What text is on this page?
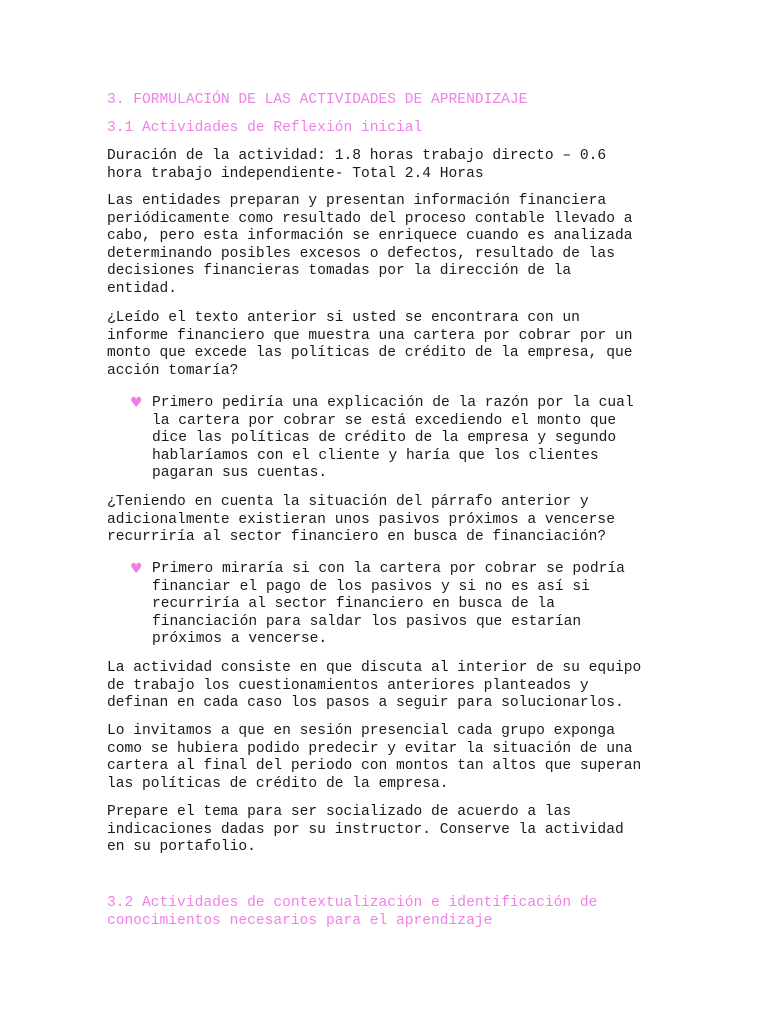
3. FORMULACIÓN DE LAS ACTIVIDADES DE APRENDIZAJE
3.1 Actividades de Reflexión inicial
Duración de la actividad: 1.8 horas trabajo directo – 0.6
hora trabajo independiente- Total 2.4 Horas
Las entidades preparan y presentan información financiera
periódicamente como resultado del proceso contable llevado a
cabo, pero esta información se enriquece cuando es analizada
determinando posibles excesos o defectos, resultado de las
decisiones financieras tomadas por la dirección de la
entidad.
¿Leído el texto anterior si usted se encontrara con un
informe financiero que muestra una cartera por cobrar por un
monto que excede las políticas de crédito de la empresa, que
acción tomaría?
♥ Primero pediría una explicación de la razón por la cual
la cartera por cobrar se está excediendo el monto que
dice las políticas de crédito de la empresa y segundo
hablaríamos con el cliente y haría que los clientes
pagaran sus cuentas.
¿Teniendo en cuenta la situación del párrafo anterior y
adicionalmente existieran unos pasivos próximos a vencerse
recurriría al sector financiero en busca de financiación?
♥ Primero miraría si con la cartera por cobrar se podría
financiar el pago de los pasivos y si no es así si
recurriría al sector financiero en busca de la
financiación para saldar los pasivos que estarían
próximos a vencerse.
La actividad consiste en que discuta al interior de su equipo
de trabajo los cuestionamientos anteriores planteados y
definan en cada caso los pasos a seguir para solucionarlos.
Lo invitamos a que en sesión presencial cada grupo exponga
como se hubiera podido predecir y evitar la situación de una
cartera al final del periodo con montos tan altos que superan
las políticas de crédito de la empresa.
Prepare el tema para ser socializado de acuerdo a las
indicaciones dadas por su instructor. Conserve la actividad
en su portafolio.
3.2 Actividades de contextualización e identificación de
conocimientos necesarios para el aprendizaje
